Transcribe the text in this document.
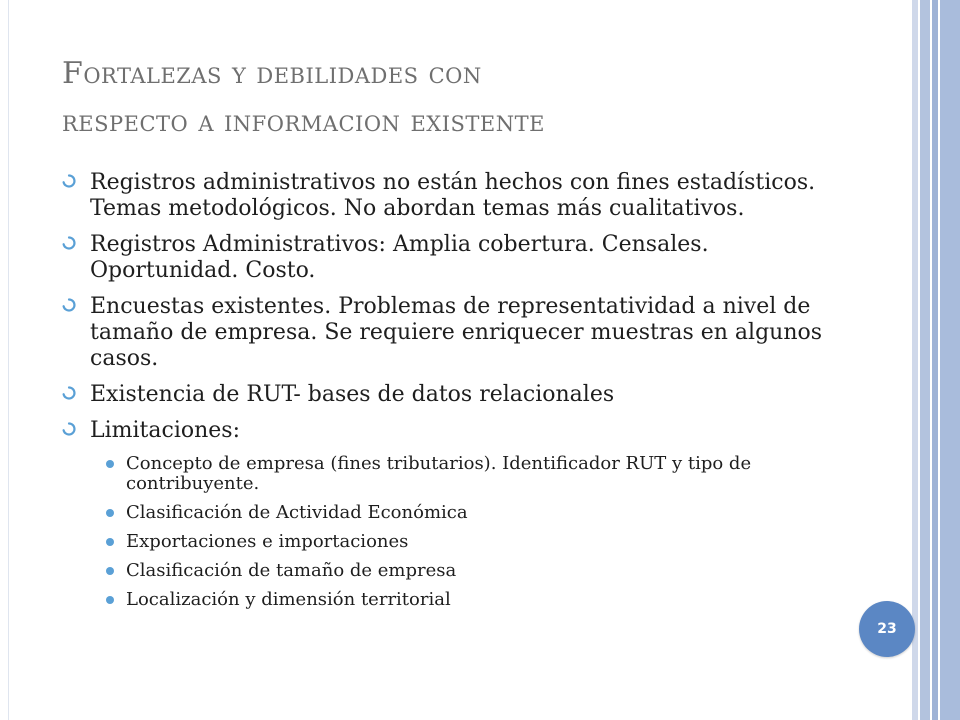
Fortalezas y debilidades con
respecto a informacion existente
Registros administrativos no están hechos con fines estadísticos. Temas metodológicos. No abordan temas más cualitativos.
Registros Administrativos: Amplia cobertura. Censales. Oportunidad. Costo.
Encuestas existentes. Problemas de representatividad a nivel de tamaño de empresa. Se requiere enriquecer muestras en algunos casos.
Existencia de RUT- bases de datos relacionales
Limitaciones:
Concepto de empresa (fines tributarios). Identificador RUT y tipo de contribuyente.
Clasificación de Actividad Económica
Exportaciones e importaciones
Clasificación de tamaño de empresa
Localización y dimensión territorial
23
